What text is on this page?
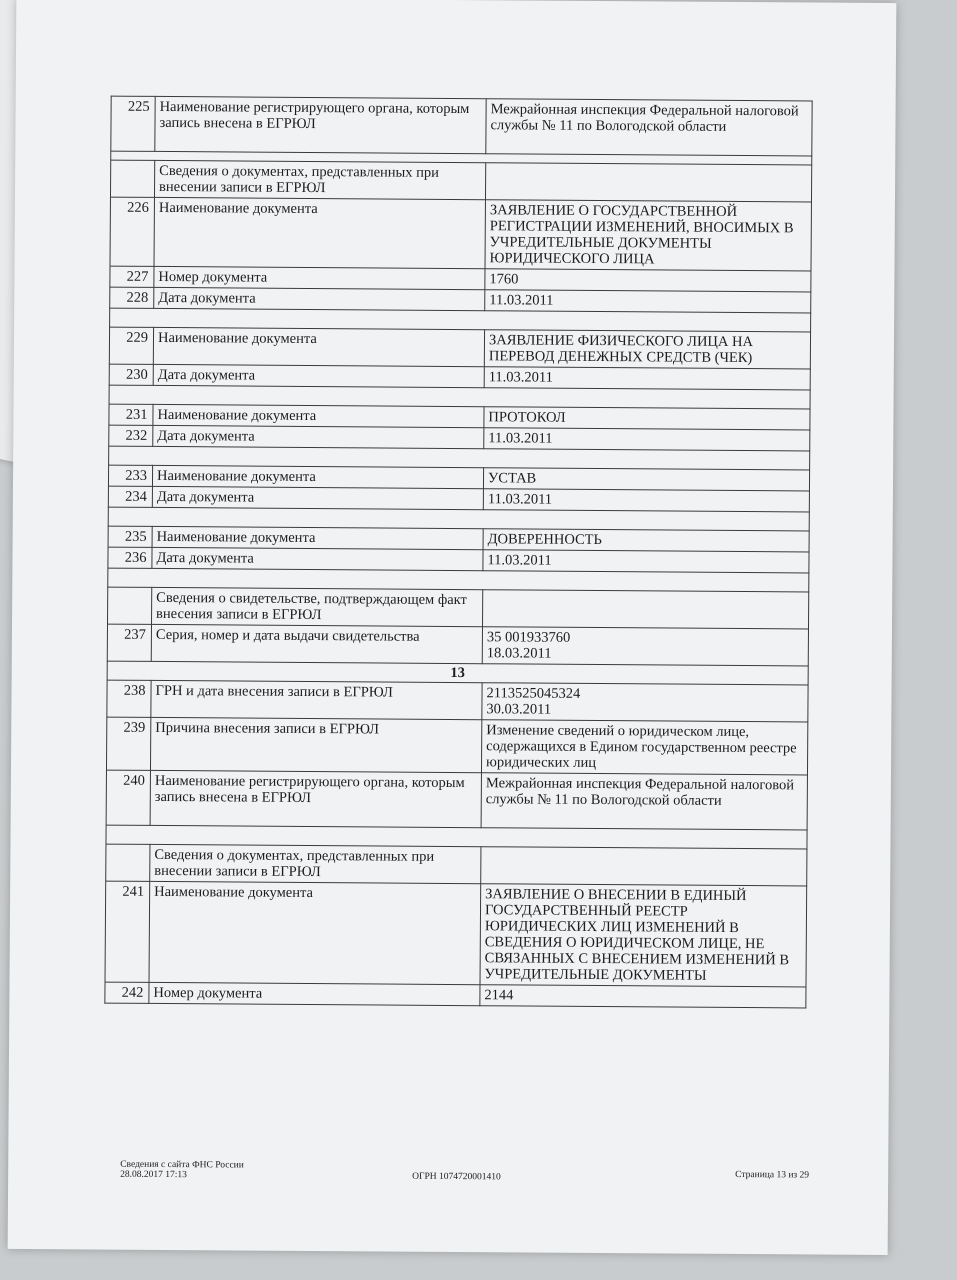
225	Наименование регистрирующего органа, которым запись внесена в ЕГРЮЛ	Межрайонная инспекция Федеральной налоговой службы № 11 по Вологодской области

	Сведения о документах, представленных при внесении записи в ЕГРЮЛ	
226	Наименование документа	ЗАЯВЛЕНИЕ О ГОСУДАРСТВЕННОЙ РЕГИСТРАЦИИ ИЗМЕНЕНИЙ, ВНОСИМЫХ В УЧРЕДИТЕЛЬНЫЕ ДОКУМЕНТЫ ЮРИДИЧЕСКОГО ЛИЦА
227	Номер документа	1760
228	Дата документа	11.03.2011

229	Наименование документа	ЗАЯВЛЕНИЕ ФИЗИЧЕСКОГО ЛИЦА НА ПЕРЕВОД ДЕНЕЖНЫХ СРЕДСТВ (ЧЕК)
230	Дата документа	11.03.2011

231	Наименование документа	ПРОТОКОЛ
232	Дата документа	11.03.2011

233	Наименование документа	УСТАВ
234	Дата документа	11.03.2011

235	Наименование документа	ДОВЕРЕННОСТЬ
236	Дата документа	11.03.2011

	Сведения о свидетельстве, подтверждающем факт внесения записи в ЕГРЮЛ	
237	Серия, номер и дата выдачи свидетельства	35 001933760
18.03.2011

13		
238	ГРН и дата внесения записи в ЕГРЮЛ	2113525045324
30.03.2011

239	Причина внесения записи в ЕГРЮЛ	Изменение сведений о юридическом лице, содержащихся в Едином государственном реестре юридических лиц
240	Наименование регистрирующего органа, которым запись внесена в ЕГРЮЛ	Межрайонная инспекция Федеральной налоговой службы № 11 по Вологодской области

	Сведения о документах, представленных при внесении записи в ЕГРЮЛ	
241	Наименование документа	ЗАЯВЛЕНИЕ О ВНЕСЕНИИ В ЕДИНЫЙ ГОСУДАРСТВЕННЫЙ РЕЕСТР ЮРИДИЧЕСКИХ ЛИЦ ИЗМЕНЕНИЙ В СВЕДЕНИЯ О ЮРИДИЧЕСКОМ ЛИЦЕ, НЕ СВЯЗАННЫХ С ВНЕСЕНИЕМ ИЗМЕНЕНИЙ В УЧРЕДИТЕЛЬНЫЕ ДОКУМЕНТЫ
242	Номер документа	2144
Сведения с сайта ФНС России
28.08.2017 17:13	ОГРН 1074720001410	Страница 13 из 29
